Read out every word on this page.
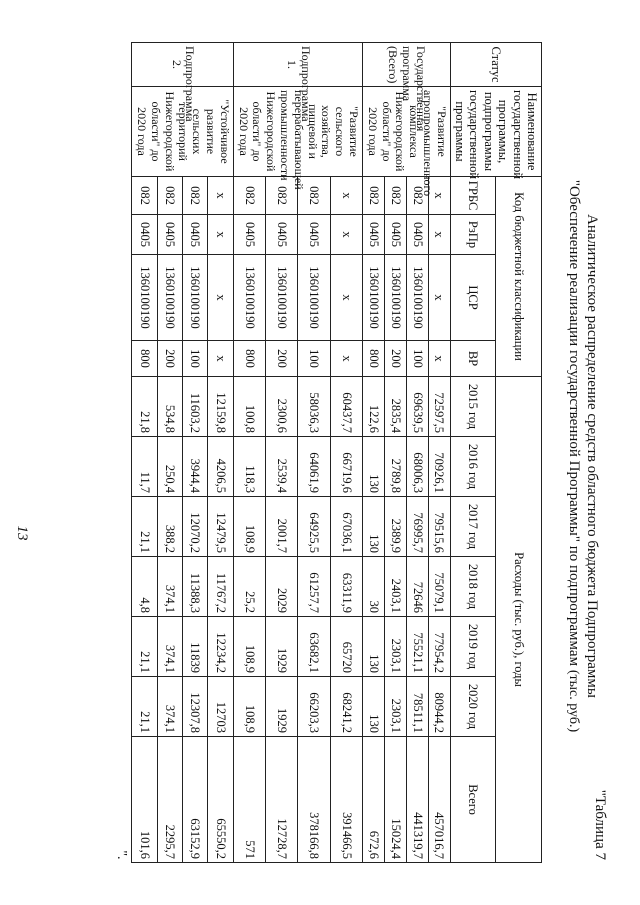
13
"Таблица 7
Аналитическое распределение средств областного бюджета Подпрограммы
"Обеспечение реализации государственной Программы" по подпрограммам (тыс. руб.)
Статус	Наименование государственной программы, подпрограммы государственной программы	Код бюджетной классификации				Расходы (тыс. руб.), годы						
		ГРБС	РзПр	ЦСР	ВР	2015 год	2016 год	2017 год	2018 год	2019 год	2020 год	Всего
Государственная программа (Всего)	"Развитие агропромышленного комплекса Нижегородской области" до 2020 года	х	х	х	х	72597,5	70926,1	79515,6	75079,1	77954,2	80944,2	457016,7
		082	0405	1360100190	100	69639,5	68006,3	76995,7	72646	75521,1	78511,1	441319,7
		082	0405	1360100190	200	2835,4	2789,8	2389,9	2403,1	2303,1	2303,1	15024,4
		082	0405	1360100190	800	122,6	130	130	30	130	130	672,6
Подпрограмма 1.	"Развитие сельского хозяйства, пищевой и перерабатывающей промышленности Нижегородской области" до 2020 года	х	х	х	х	60437,7	66719,6	67036,1	63311,9	65720	68241,2	391466,5
		082	0405	1360100190	100	58036,3	64061,9	64925,5	61257,7	63682,1	66203,3	378166,8
		082	0405	1360100190	200	2300,6	2539,4	2001,7	2029	1929	1929	12728,7
		082	0405	1360100190	800	100,8	118,3	108,9	25,2	108,9	108,9	571
Подпрограмма 2.	"Устойчивое развитие сельских территорий Нижегородской области" до 2020 года	х	х	х	х	12159,8	4206,5	12479,5	11767,2	12234,2	12703	65550,2
		082	0405	1360100190	100	11603,2	3944,4	12070,2	11388,3	11839	12307,8	63152,9
		082	0405	1360100190	200	534,8	250,4	388,2	374,1	374,1	374,1	2295,7
		082	0405	1360100190	800	21,8	11,7	21,1	4,8	21,1	21,1	101,6
".												
